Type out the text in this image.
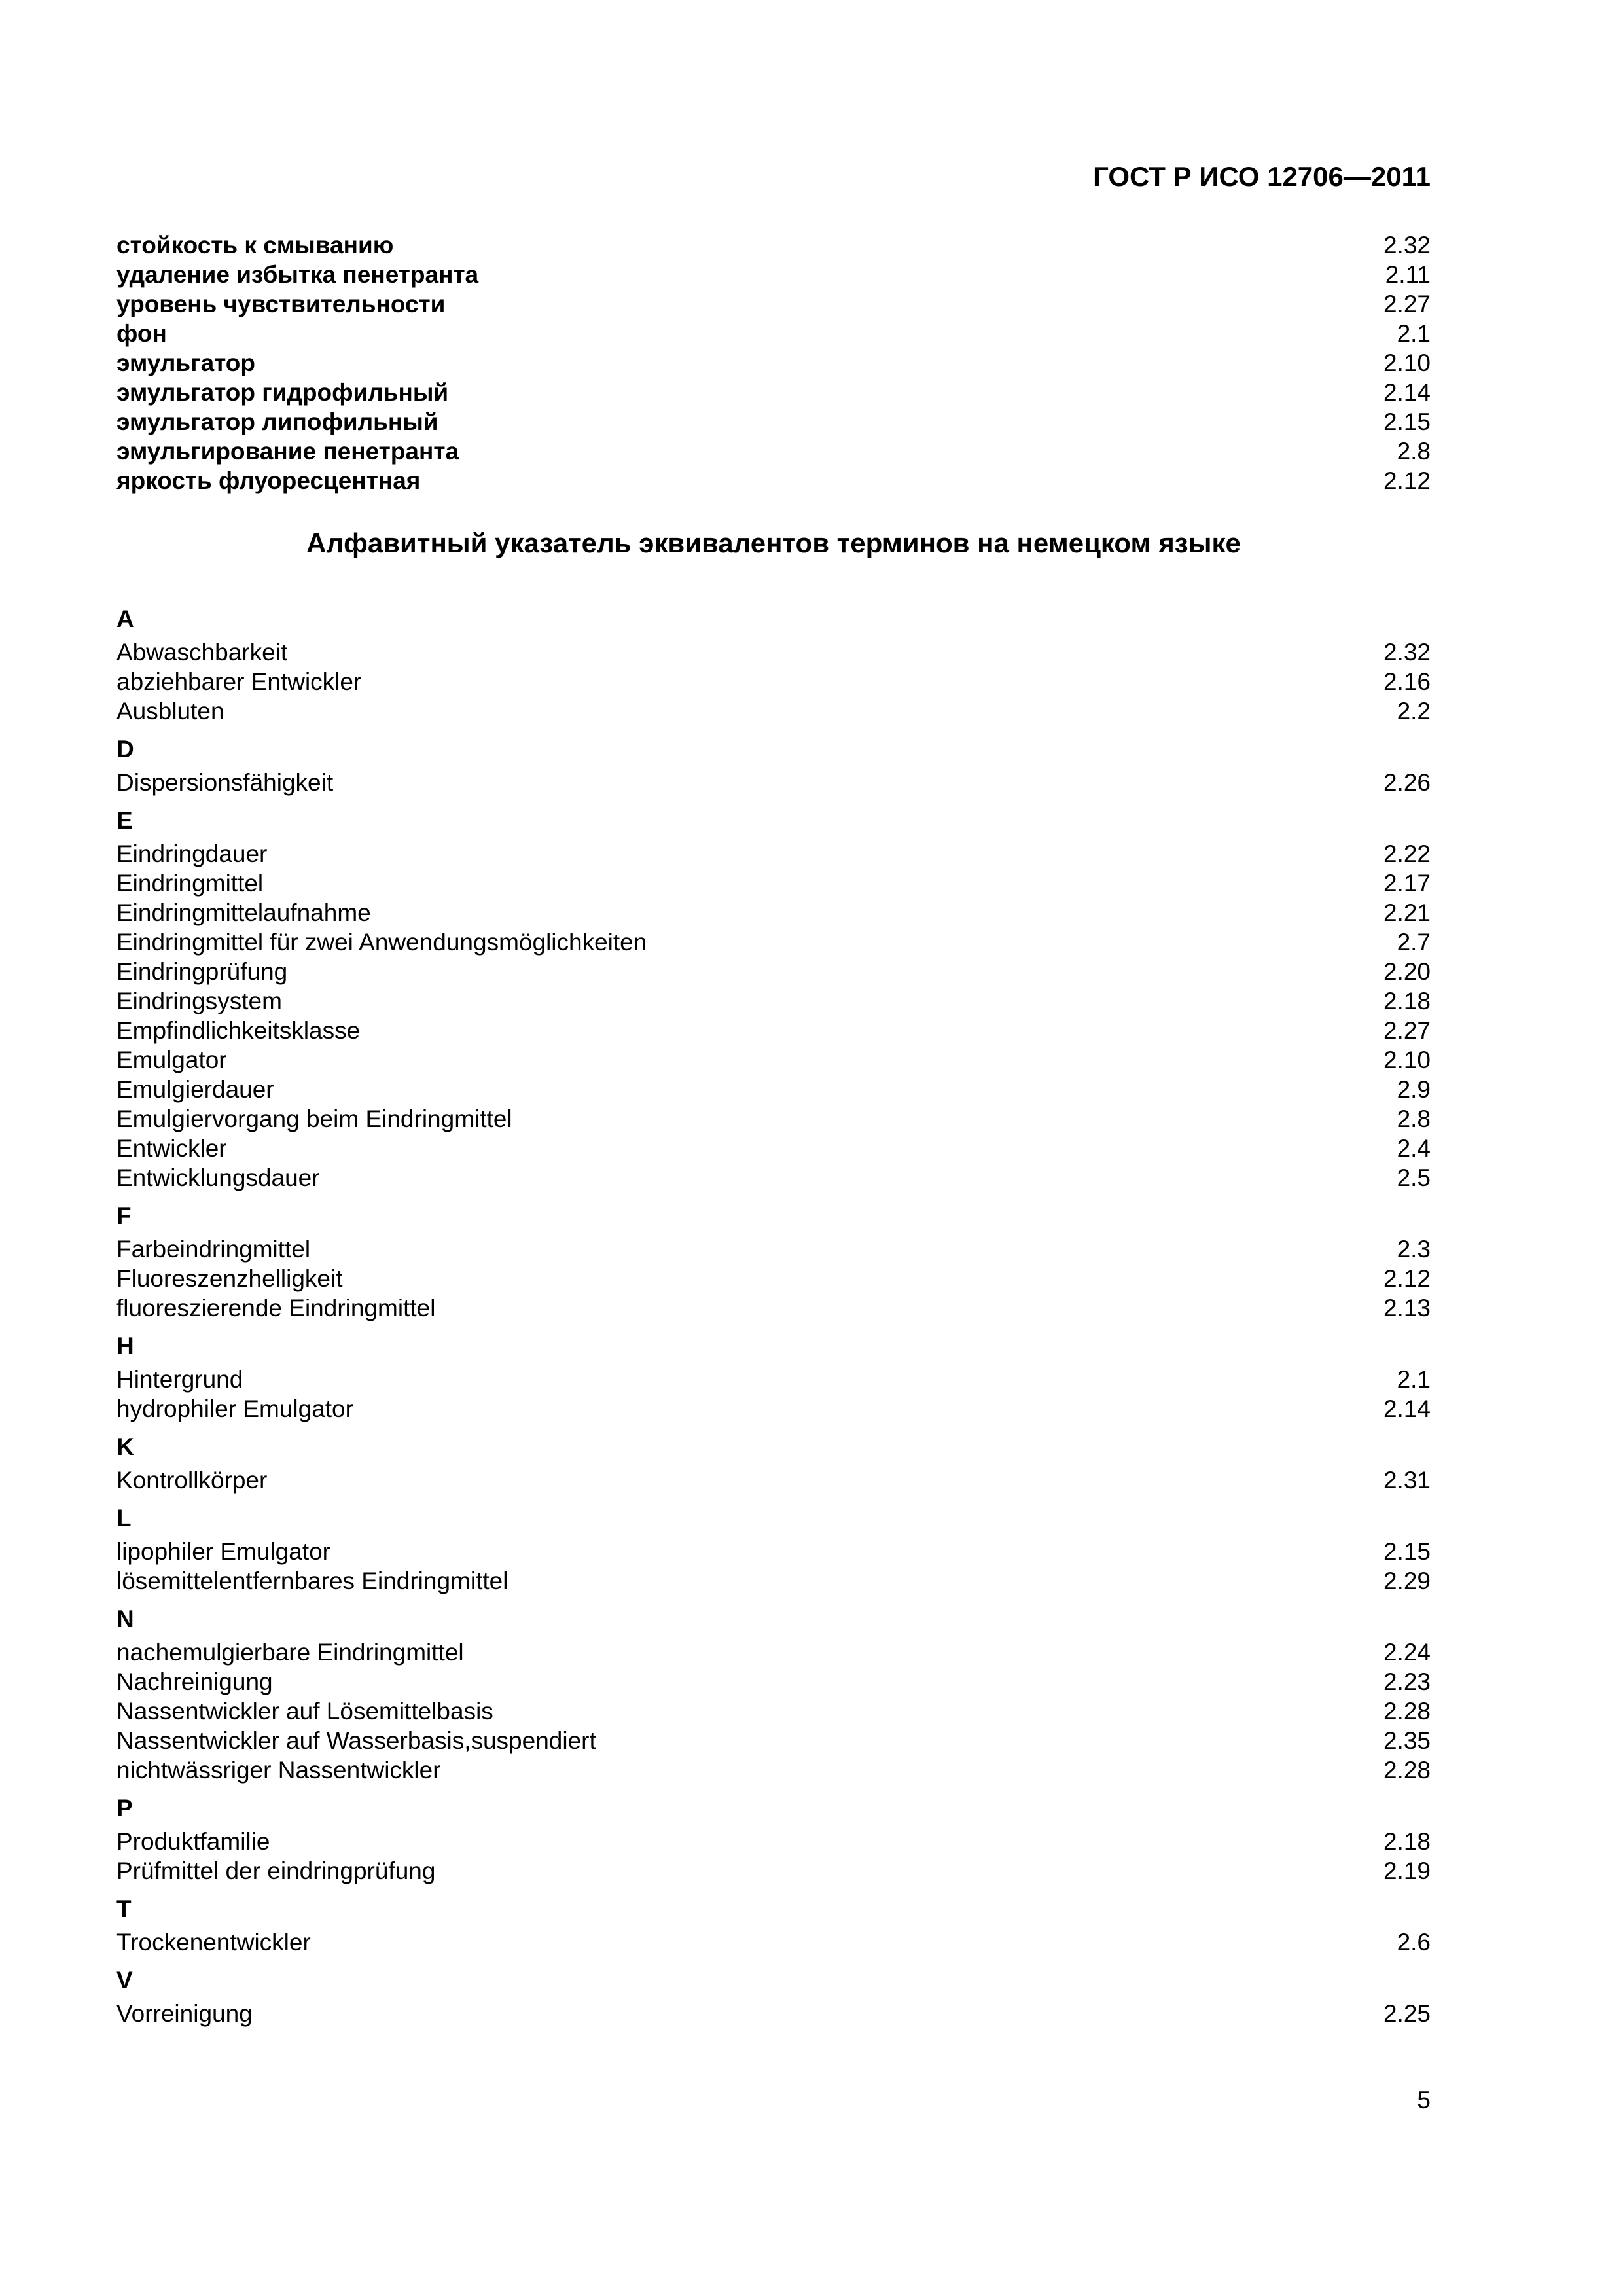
ГОСТ Р ИСО 12706—2011
стойкость к смыванию	2.32
удаление избытка пенетранта	2.11
уровень чувствительности	2.27
фон	2.1
эмульгатор	2.10
эмульгатор гидрофильный	2.14
эмульгатор липофильный	2.15
эмульгирование пенетранта	2.8
яркость флуоресцентная	2.12
Алфавитный указатель эквивалентов терминов на немецком языке
A
Abwaschbarkeit	2.32
abziehbarer Entwickler	2.16
Ausbluten	2.2
D
Dispersionsfähigkeit	2.26
E
Eindringdauer	2.22
Eindringmittel	2.17
Eindringmittelaufnahme	2.21
Eindringmittel für zwei Anwendungsmöglichkeiten	2.7
Eindringprüfung	2.20
Eindringsystem	2.18
Empfindlichkeitsklasse	2.27
Emulgator	2.10
Emulgierdauer	2.9
Emulgiervorgang beim Eindringmittel	2.8
Entwickler	2.4
Entwicklungsdauer	2.5
F
Farbeindringmittel	2.3
Fluoreszenzhelligkeit	2.12
fluoreszierende Eindringmittel	2.13
H
Hintergrund	2.1
hydrophiler Emulgator	2.14
K
Kontrollkörper	2.31
L
lipophiler Emulgator	2.15
lösemittelentfernbares Eindringmittel	2.29
N
nachemulgierbare Eindringmittel	2.24
Nachreinigung	2.23
Nassentwickler auf Lösemittelbasis	2.28
Nassentwickler auf Wasserbasis,suspendiert	2.35
nichtwässriger Nassentwickler	2.28
P
Produktfamilie	2.18
Prüfmittel der eindringprüfung	2.19
T
Trockenentwickler	2.6
V
Vorreinigung	2.25
5
